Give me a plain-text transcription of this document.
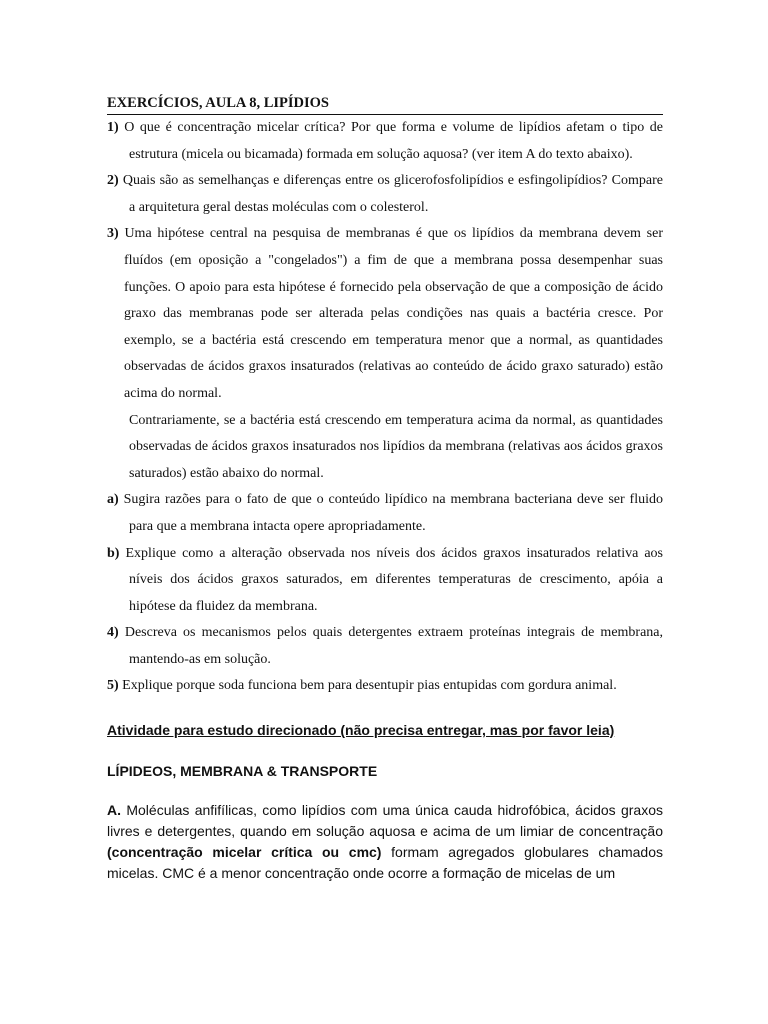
EXERCÍCIOS, AULA 8, LIPÍDIOS

1) O que é concentração micelar crítica? Por que forma e volume de lipídios afetam o tipo de estrutura (micela ou bicamada) formada em solução aquosa? (ver item A do texto abaixo).

2) Quais são as semelhanças e diferenças entre os glicerofosfolipídios e esfingolipídios? Compare a arquitetura geral destas moléculas com o colesterol.

3) Uma hipótese central na pesquisa de membranas é que os lipídios da membrana devem ser fluídos (em oposição a "congelados") a fim de que a membrana possa desempenhar suas funções. O apoio para esta hipótese é fornecido pela observação de que a composição de ácido graxo das membranas pode ser alterada pelas condições nas quais a bactéria cresce. Por exemplo, se a bactéria está crescendo em temperatura menor que a normal, as quantidades observadas de ácidos graxos insaturados (relativas ao conteúdo de ácido graxo saturado) estão acima do normal.

Contrariamente, se a bactéria está crescendo em temperatura acima da normal, as quantidades observadas de ácidos graxos insaturados nos lipídios da membrana (relativas aos ácidos graxos saturados) estão abaixo do normal.

a) Sugira razões para o fato de que o conteúdo lipídico na membrana bacteriana deve ser fluido para que a membrana intacta opere apropriadamente.

b) Explique como a alteração observada nos níveis dos ácidos graxos insaturados relativa aos níveis dos ácidos graxos saturados, em diferentes temperaturas de crescimento, apóia a hipótese da fluidez da membrana.

4) Descreva os mecanismos pelos quais detergentes extraem proteínas integrais de membrana, mantendo-as em solução.

5) Explique porque soda funciona bem para desentupir pias entupidas com gordura animal.

Atividade para estudo direcionado (não precisa entregar, mas por favor leia)
LÍPIDEOS, MEMBRANA & TRANSPORTE

A. Moléculas anfifílicas, como lipídios com uma única cauda hidrofóbica, ácidos graxos livres e detergentes, quando em solução aquosa e acima de um limiar de concentração (concentração micelar crítica ou cmc) formam agregados globulares chamados micelas. CMC é a menor concentração onde ocorre a formação de micelas de um
